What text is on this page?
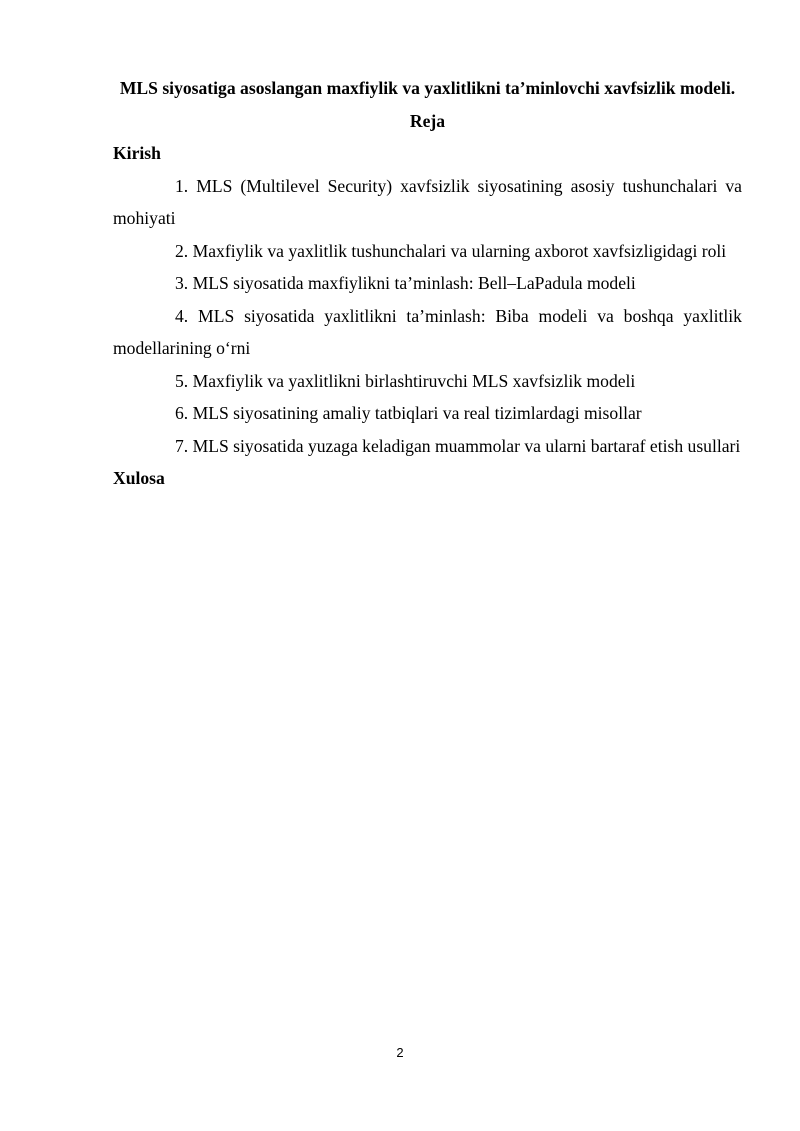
MLS siyosatiga asoslangan maxfiylik va yaxlitlikni ta’minlovchi xavfsizlik modeli.

Reja

Kirish

1. MLS (Multilevel Security) xavfsizlik siyosatining asosiy tushunchalari va mohiyati
2. Maxfiylik va yaxlitlik tushunchalari va ularning axborot xavfsizligidagi roli
3. MLS siyosatida maxfiylikni ta’minlash: Bell–LaPadula modeli
4. MLS siyosatida yaxlitlikni ta’minlash: Biba modeli va boshqa yaxlitlik modellarining o‘rni
5. Maxfiylik va yaxlitlikni birlashtiruvchi MLS xavfsizlik modeli
6. MLS siyosatining amaliy tatbiqlari va real tizimlardagi misollar
7. MLS siyosatida yuzaga keladigan muammolar va ularni bartaraf etish usullari

Xulosa

2
